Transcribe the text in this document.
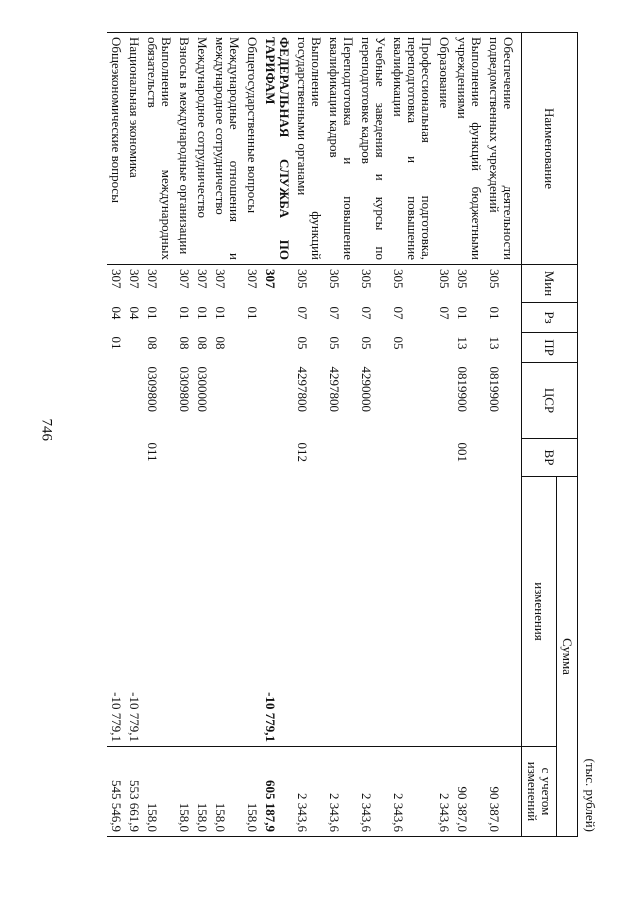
746
(тыс. рублей)
Наименование	Мин	Рз	ПР	ЦСР	ВР	Сумма	
						изменения	с учетом изменений
Обеспечение деятельности подведомственных учреждений	305	01	13	0819900			90 387,0
Выполнение функций бюджетными учреждениями	305	01	13	0819900	001		90 387,0
Образование	305	07					2 343,6
Профессиональная подготовка, переподготовка и повышение квалификации	305	07	05				2 343,6
Учебные заведения и курсы по переподготовке кадров	305	07	05	4290000			2 343,6
Переподготовка и повышение квалификации кадров	305	07	05	4297800			2 343,6
Выполнение функций государственными органами	305	07	05	4297800	012		2 343,6
ФЕДЕРАЛЬНАЯ СЛУЖБА ПО ТАРИФАМ	307					-10 779,1	605 187,9
Общегосударственные вопросы	307	01					158,0
Международные отношения и международное сотрудничество	307	01	08				158,0
Международное сотрудничество	307	01	08	0300000			158,0
Взносы в международные организации	307	01	08	0309800			158,0
Выполнение международных обязательств	307	01	08	0309800	011		158,0
Национальная экономика	307	04				-10 779,1	553 661,9
Общеэкономические вопросы	307	04	01			-10 779,1	545 546,9
